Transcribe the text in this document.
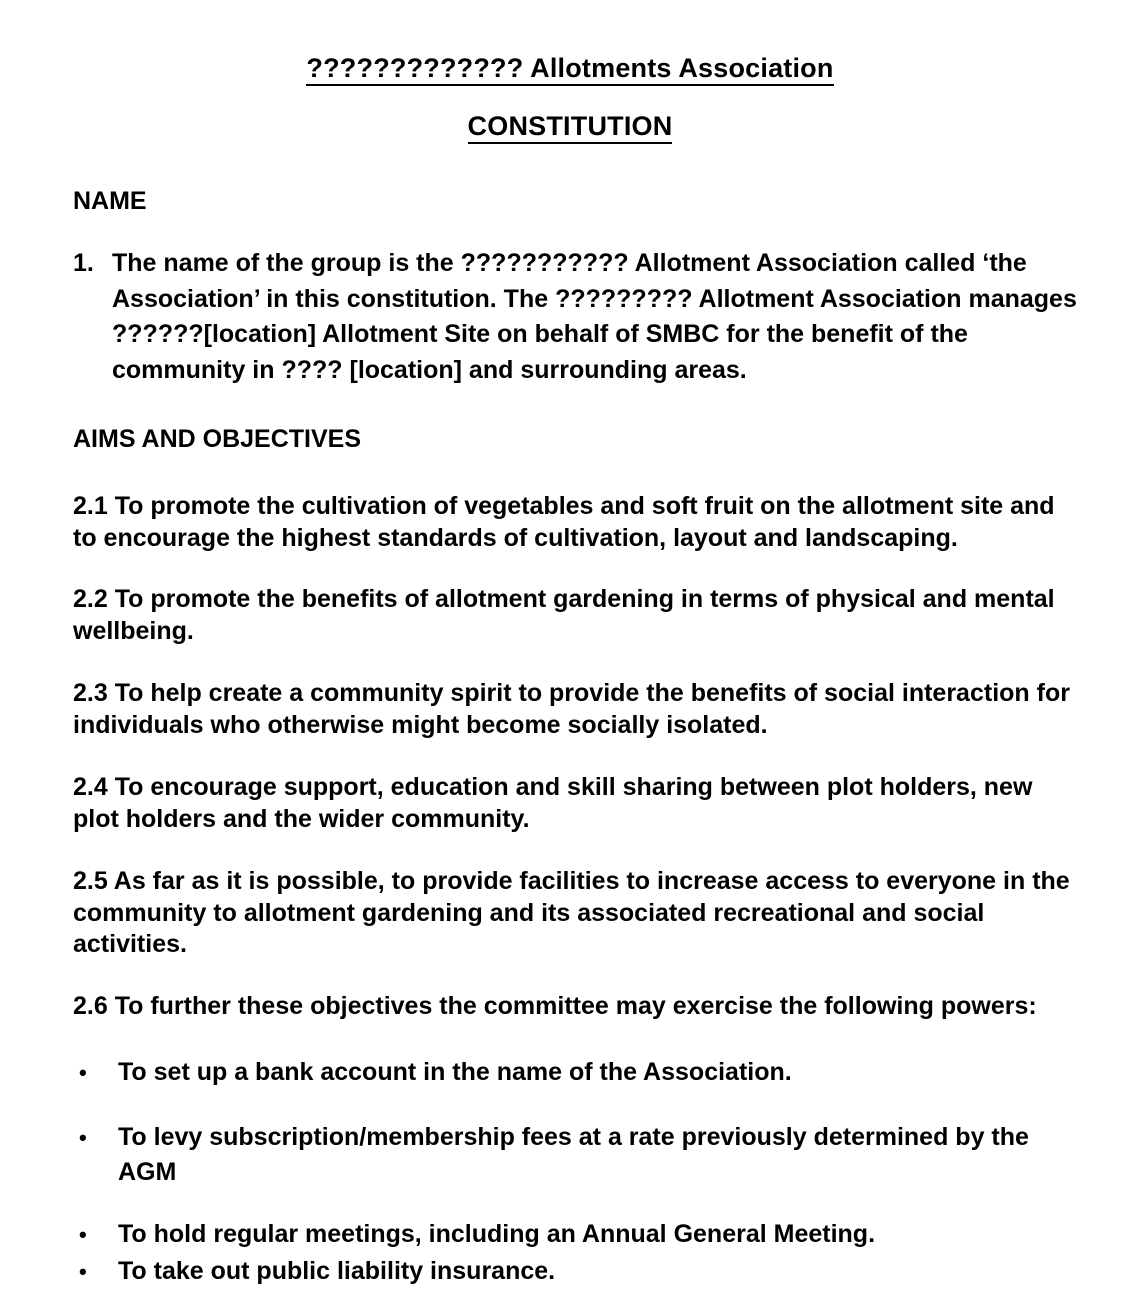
????????????? Allotments Association
CONSTITUTION
NAME
1. The name of the group is the ??????????? Allotment Association called ‘the Association’ in this constitution. The ????????? Allotment Association manages ??????[location] Allotment Site on behalf of SMBC for the benefit of the community in ???? [location] and surrounding areas.
AIMS AND OBJECTIVES

2.1 To promote the cultivation of vegetables and soft fruit on the allotment site and to encourage the highest standards of cultivation, layout and landscaping.

2.2 To promote the benefits of allotment gardening in terms of physical and mental wellbeing.

2.3 To help create a community spirit to provide the benefits of social interaction for individuals who otherwise might become socially isolated.

2.4 To encourage support, education and skill sharing between plot holders, new plot holders and the wider community.

2.5 As far as it is possible, to provide facilities to increase access to everyone in the community to allotment gardening and its associated recreational and social activities.

2.6 To further these objectives the committee may exercise the following powers:

•	To set up a bank account in the name of the Association.
•	To levy subscription/membership fees at a rate previously determined by the AGM
•	To hold regular meetings, including an Annual General Meeting.
•	To take out public liability insurance.
